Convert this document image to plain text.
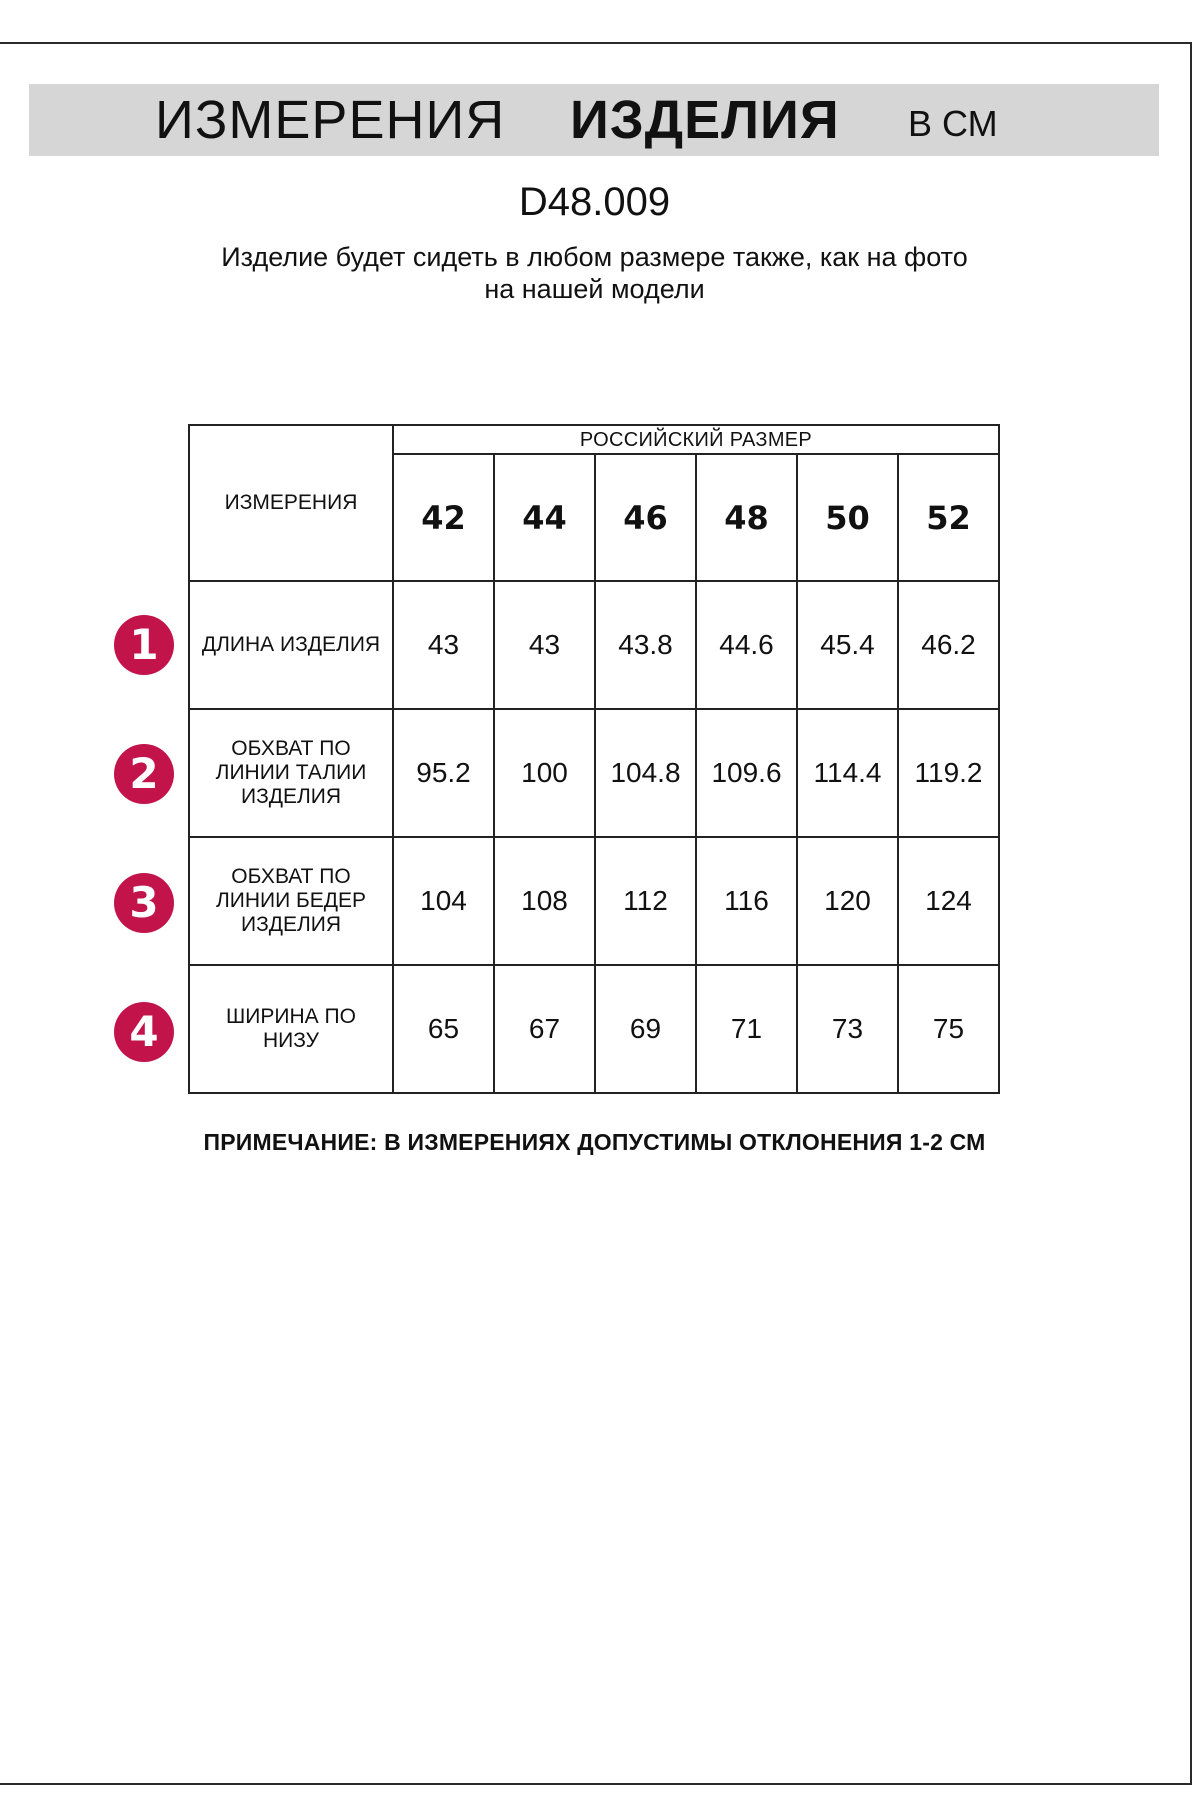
ИЗМЕРЕНИЯ ИЗДЕЛИЯ В СМ
D48.009
Изделие будет сидеть в любом размере также, как на фото
на нашей модели
ИЗМЕРЕНИЯ	РОССИЙСКИЙ РАЗМЕР					
	42	44	46	48	50	52
ДЛИНА ИЗДЕЛИЯ	43	43	43.8	44.6	45.4	46.2
ОБХВАТ ПО ЛИНИИ ТАЛИИ ИЗДЕЛИЯ	95.2	100	104.8	109.6	114.4	119.2
ОБХВАТ ПО ЛИНИИ БЕДЕР ИЗДЕЛИЯ	104	108	112	116	120	124
ШИРИНА ПО НИЗУ	65	67	69	71	73	75
1
2
3
4
ПРИМЕЧАНИЕ: В ИЗМЕРЕНИЯХ ДОПУСТИМЫ ОТКЛОНЕНИЯ 1-2 СМ
